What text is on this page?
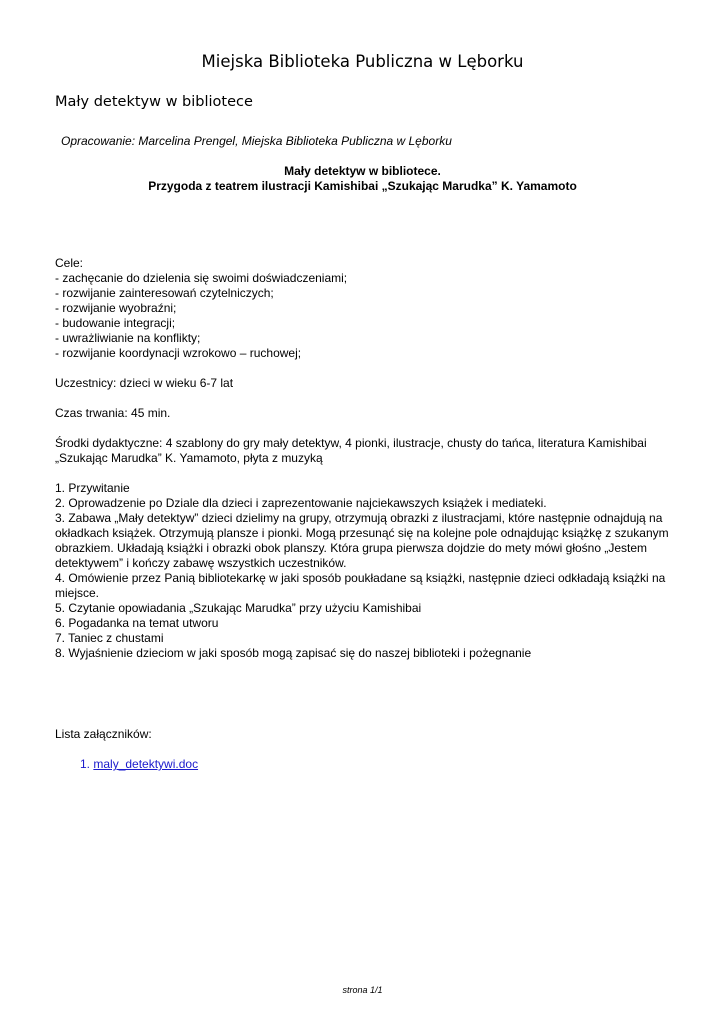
Miejska Biblioteka Publiczna w Lęborku
Mały detektyw w bibliotece
Opracowanie: Marcelina Prengel, Miejska Biblioteka Publiczna w Lęborku
Mały detektyw w bibliotece.
Przygoda z teatrem ilustracji Kamishibai „Szukając Marudka” K. Yamamoto

Cele:

- zachęcanie do dzielenia się swoimi doświadczeniami;

- rozwijanie zainteresowań czytelniczych;

- rozwijanie wyobraźni;

- budowanie integracji;

- uwrażliwianie na konflikty;

- rozwijanie koordynacji wzrokowo – ruchowej;

Uczestnicy: dzieci w wieku 6-7 lat

Czas trwania: 45 min.

Środki dydaktyczne: 4 szablony do gry mały detektyw, 4 pionki, ilustracje, chusty do tańca, literatura Kamishibai „Szukając Marudka” K. Yamamoto, płyta z muzyką

1. Przywitanie

2. Oprowadzenie po Dziale dla dzieci i zaprezentowanie najciekawszych książek i mediateki.

3. Zabawa „Mały detektyw” dzieci dzielimy na grupy, otrzymują obrazki z ilustracjami, które następnie odnajdują na okładkach książek. Otrzymują plansze i pionki. Mogą przesunąć się na kolejne pole odnajdując książkę z szukanym obrazkiem. Układają książki i obrazki obok planszy. Która grupa pierwsza dojdzie do mety mówi głośno „Jestem detektywem” i kończy zabawę wszystkich uczestników.

4. Omówienie przez Panią bibliotekarkę w jaki sposób poukładane są książki, następnie dzieci odkładają książki na miejsce.

5. Czytanie opowiadania „Szukając Marudka” przy użyciu Kamishibai

6. Pogadanka na temat utworu

7. Taniec z chustami

8. Wyjaśnienie dzieciom w jaki sposób mogą zapisać się do naszej biblioteki i pożegnanie

Lista załączników:
1. maly_detektywi.doc
strona 1/1
